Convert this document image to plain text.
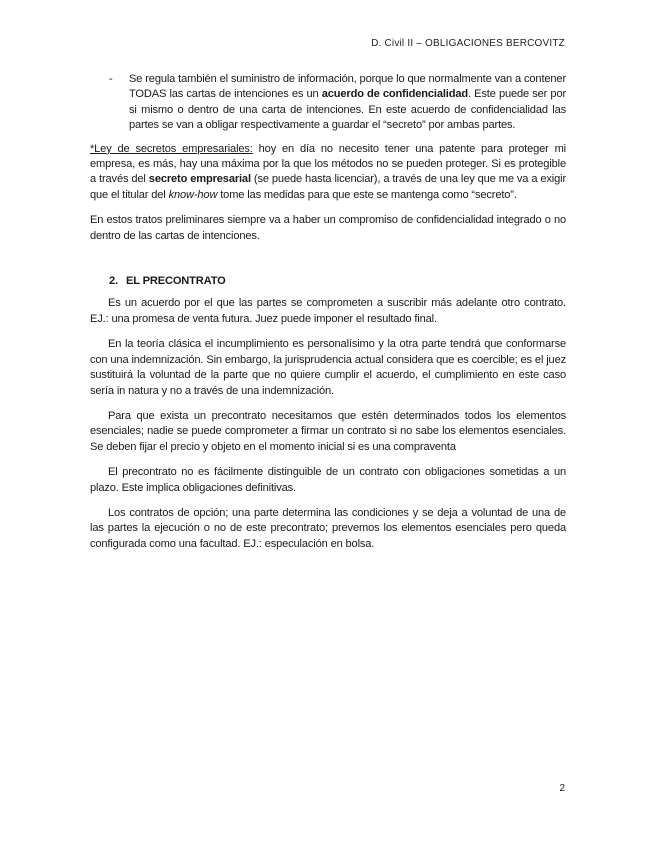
D. Civil II – OBLIGACIONES BERCOVITZ
- Se regula también el suministro de información, porque lo que normalmente van a contener TODAS las cartas de intenciones es un acuerdo de confidencialidad. Este puede ser por si mismo o dentro de una carta de intenciones. En este acuerdo de confidencialidad las partes se van a obligar respectivamente a guardar el “secreto” por ambas partes.

*Ley de secretos empresariales: hoy en día no necesito tener una patente para proteger mi empresa, es más, hay una máxima por la que los métodos no se pueden proteger. Si es protegible a través del secreto empresarial (se puede hasta licenciar), a través de una ley que me va a exigir que el titular del know-how tome las medidas para que este se mantenga como “secreto”.

En estos tratos preliminares siempre va a haber un compromiso de confidencialidad integrado o no dentro de las cartas de intenciones.

2. EL PRECONTRATO

Es un acuerdo por el que las partes se comprometen a suscribir más adelante otro contrato. EJ.: una promesa de venta futura. Juez puede imponer el resultado final.

En la teoría clásica el incumplimiento es personalísimo y la otra parte tendrá que conformarse con una indemnización. Sin embargo, la jurisprudencia actual considera que es coercible; es el juez sustituirá la voluntad de la parte que no quiere cumplir el acuerdo, el cumplimiento en este caso sería in natura y no a través de una indemnización.

Para que exista un precontrato necesitamos que estén determinados todos los elementos esenciales; nadie se puede comprometer a firmar un contrato si no sabe los elementos esenciales. Se deben fijar el precio y objeto en el momento inicial si es una compraventa

El precontrato no es fácilmente distinguible de un contrato con obligaciones sometidas a un plazo. Este implica obligaciones definitivas.

Los contratos de opción; una parte determina las condiciones y se deja a voluntad de una de las partes la ejecución o no de este precontrato; prevemos los elementos esenciales pero queda configurada como una facultad. EJ.: especulación en bolsa.

2
